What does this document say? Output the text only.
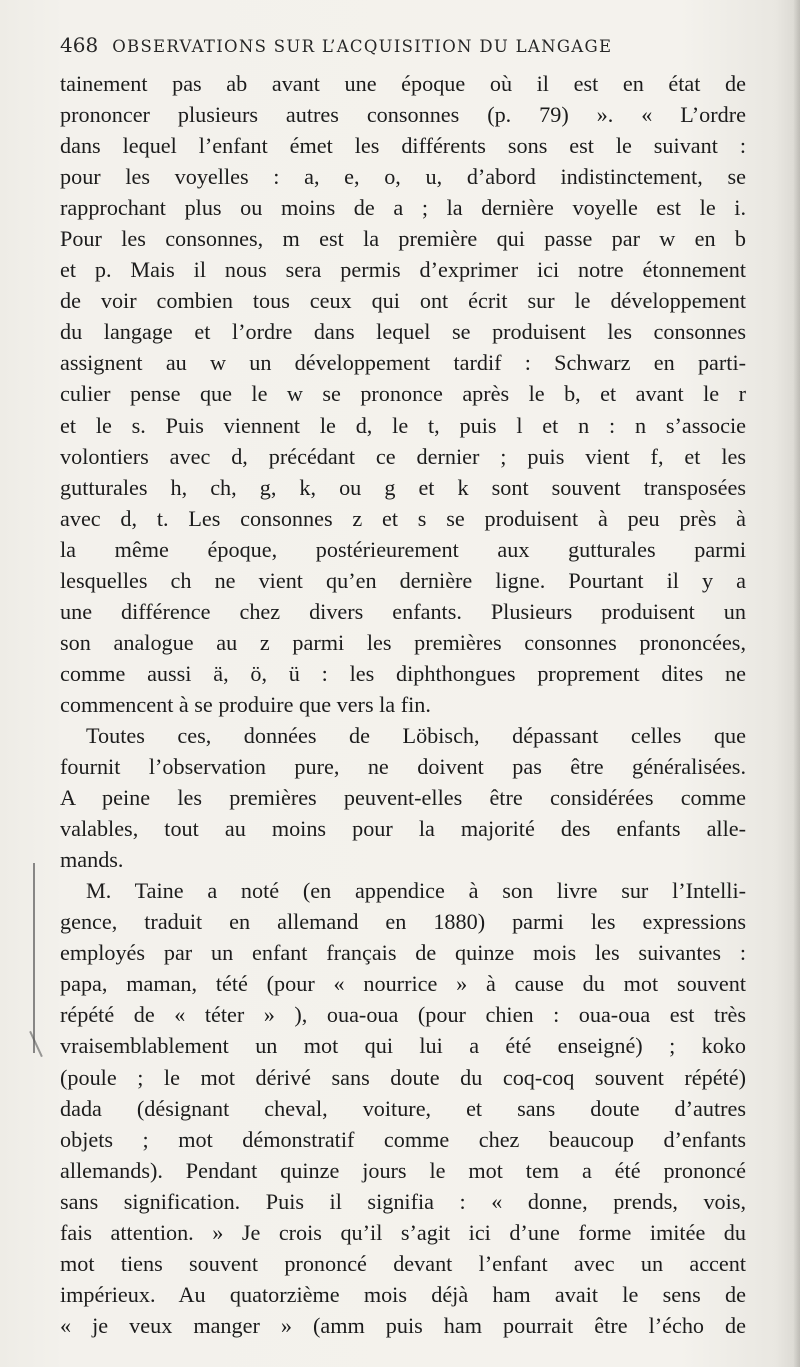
468 OBSERVATIONS SUR L’ACQUISITION DU LANGAGE
tainement pas ab avant une époque où il est en état de
prononcer plusieurs autres consonnes (p. 79) ». « L’ordre
dans lequel l’enfant émet les différents sons est le suivant :
pour les voyelles : a, e, o, u, d’abord indistinctement, se
rapprochant plus ou moins de a ; la dernière voyelle est le i.
Pour les consonnes, m est la première qui passe par w en b
et p. Mais il nous sera permis d’exprimer ici notre étonnement
de voir combien tous ceux qui ont écrit sur le développement
du langage et l’ordre dans lequel se produisent les consonnes
assignent au w un développement tardif : Schwarz en parti-
culier pense que le w se prononce après le b, et avant le r
et le s. Puis viennent le d, le t, puis l et n : n s’associe
volontiers avec d, précédant ce dernier ; puis vient f, et les
gutturales h, ch, g, k, ou g et k sont souvent transposées
avec d, t. Les consonnes z et s se produisent à peu près à
la même époque, postérieurement aux gutturales parmi
lesquelles ch ne vient qu’en dernière ligne. Pourtant il y a
une différence chez divers enfants. Plusieurs produisent un
son analogue au z parmi les premières consonnes prononcées,
comme aussi ä, ö, ü : les diphthongues proprement dites ne
commencent à se produire que vers la fin.
Toutes ces, données de Löbisch, dépassant celles que
fournit l’observation pure, ne doivent pas être généralisées.
A peine les premières peuvent-elles être considérées comme
valables, tout au moins pour la majorité des enfants alle-
mands.
M. Taine a noté (en appendice à son livre sur l’Intelli-
gence, traduit en allemand en 1880) parmi les expressions
employés par un enfant français de quinze mois les suivantes :
papa, maman, tété (pour « nourrice » à cause du mot souvent
répété de « téter » ), oua-oua (pour chien : oua-oua est très
vraisemblablement un mot qui lui a été enseigné) ; koko
(poule ; le mot dérivé sans doute du coq-coq souvent répété)
dada (désignant cheval, voiture, et sans doute d’autres
objets ; mot démonstratif comme chez beaucoup d’enfants
allemands). Pendant quinze jours le mot tem a été prononcé
sans signification. Puis il signifia : « donne, prends, vois,
fais attention. » Je crois qu’il s’agit ici d’une forme imitée du
mot tiens souvent prononcé devant l’enfant avec un accent
impérieux. Au quatorzième mois déjà ham avait le sens de
« je veux manger » (amm puis ham pourrait être l’écho de
